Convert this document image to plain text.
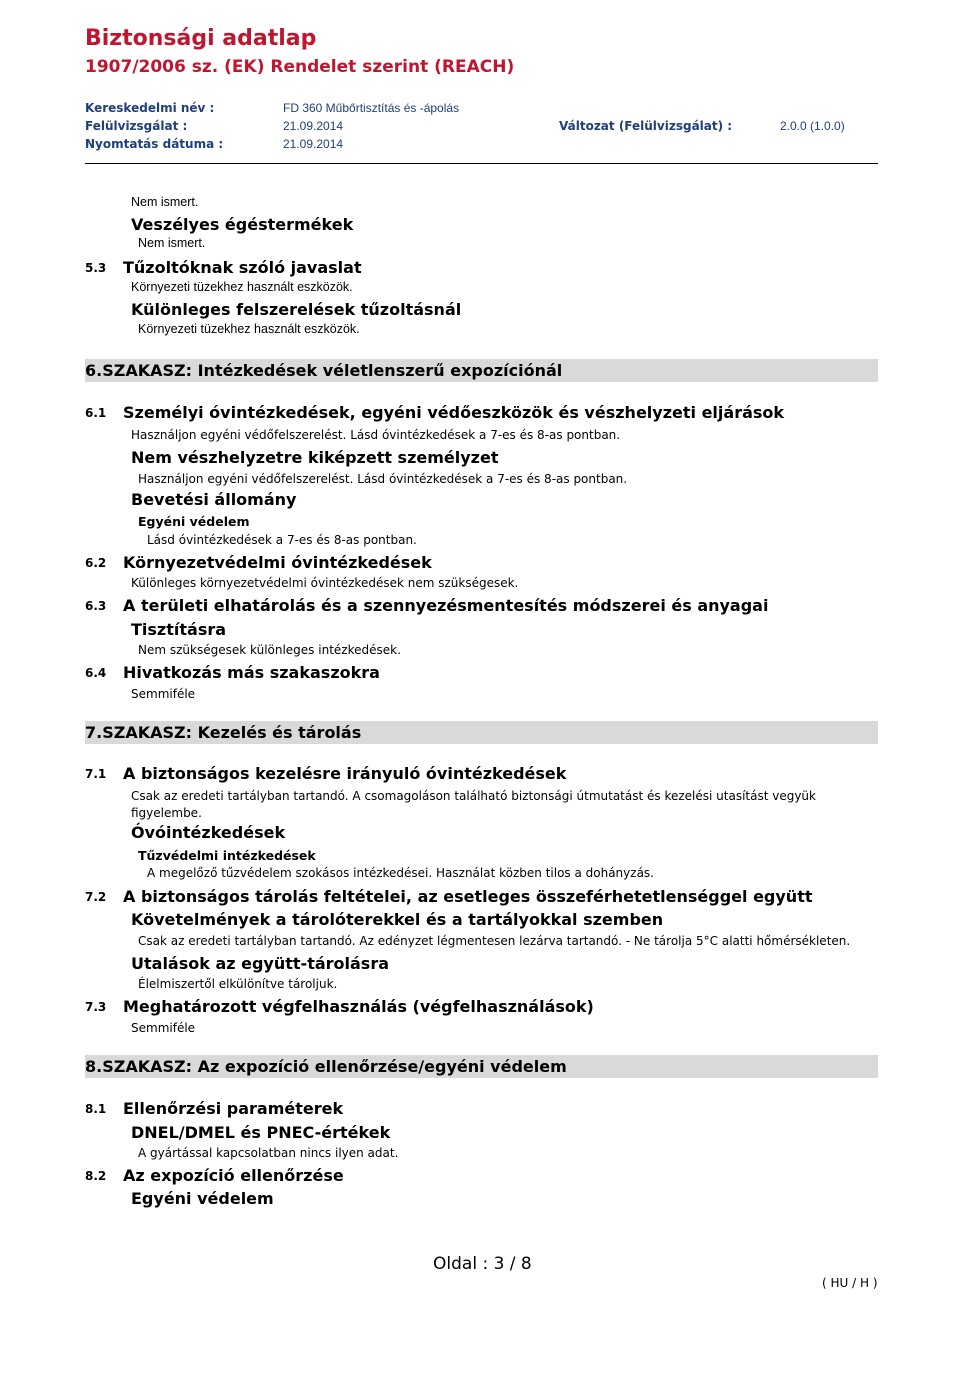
Biztonsági adatlap
1907/2006 sz. (EK) Rendelet szerint (REACH)
Kereskedelmi név :	FD 360 Műbőrtisztítás és -ápolás
Felülvizsgálat :	21.09.2014	Változat (Felülvizsgálat) :	2.0.0 (1.0.0)
Nyomtatás dátuma :	21.09.2014
Nem ismert.
Veszélyes égéstermékek
Nem ismert.
5.3 Tűzoltóknak szóló javaslat
Környezeti tüzekhez használt eszközök.
Különleges felszerelések tűzoltásnál
Környezeti tüzekhez használt eszközök.
6.SZAKASZ: Intézkedések véletlenszerű expozíciónál
6.1 Személyi óvintézkedések, egyéni védőeszközök és vészhelyzeti eljárások
Használjon egyéni védőfelszerelést. Lásd óvintézkedések a 7-es és 8-as pontban.
Nem vészhelyzetre kiképzett személyzet
Használjon egyéni védőfelszerelést. Lásd óvintézkedések a 7-es és 8-as pontban.
Bevetési állomány
Egyéni védelem
Lásd óvintézkedések a 7-es és 8-as pontban.
6.2 Környezetvédelmi óvintézkedések
Különleges környezetvédelmi óvintézkedések nem szükségesek.
6.3 A területi elhatárolás és a szennyezésmentesítés módszerei és anyagai
Tisztításra
Nem szükségesek különleges intézkedések.
6.4 Hivatkozás más szakaszokra
Semmiféle
7.SZAKASZ: Kezelés és tárolás
7.1 A biztonságos kezelésre irányuló óvintézkedések
Csak az eredeti tartályban tartandó. A csomagoláson található biztonsági útmutatást és kezelési utasítást vegyük
figyelembe.
Óvóintézkedések
Tűzvédelmi intézkedések
A megelőző tűzvédelem szokásos intézkedései. Használat közben tilos a dohányzás.
7.2 A biztonságos tárolás feltételei, az esetleges összeférhetetlenséggel együtt
Követelmények a tárolóterekkel és a tartályokkal szemben
Csak az eredeti tartályban tartandó. Az edényzet légmentesen lezárva tartandó. - Ne tárolja 5°C alatti hőmérsékleten.
Utalások az együtt-tárolásra
Élelmiszertől elkülönítve tároljuk.
7.3 Meghatározott végfelhasználás (végfelhasználások)
Semmiféle
8.SZAKASZ: Az expozíció ellenőrzése/egyéni védelem
8.1 Ellenőrzési paraméterek
DNEL/DMEL és PNEC-értékek
A gyártással kapcsolatban nincs ilyen adat.
8.2 Az expozíció ellenőrzése
Egyéni védelem
Oldal : 3 / 8
( HU / H )
